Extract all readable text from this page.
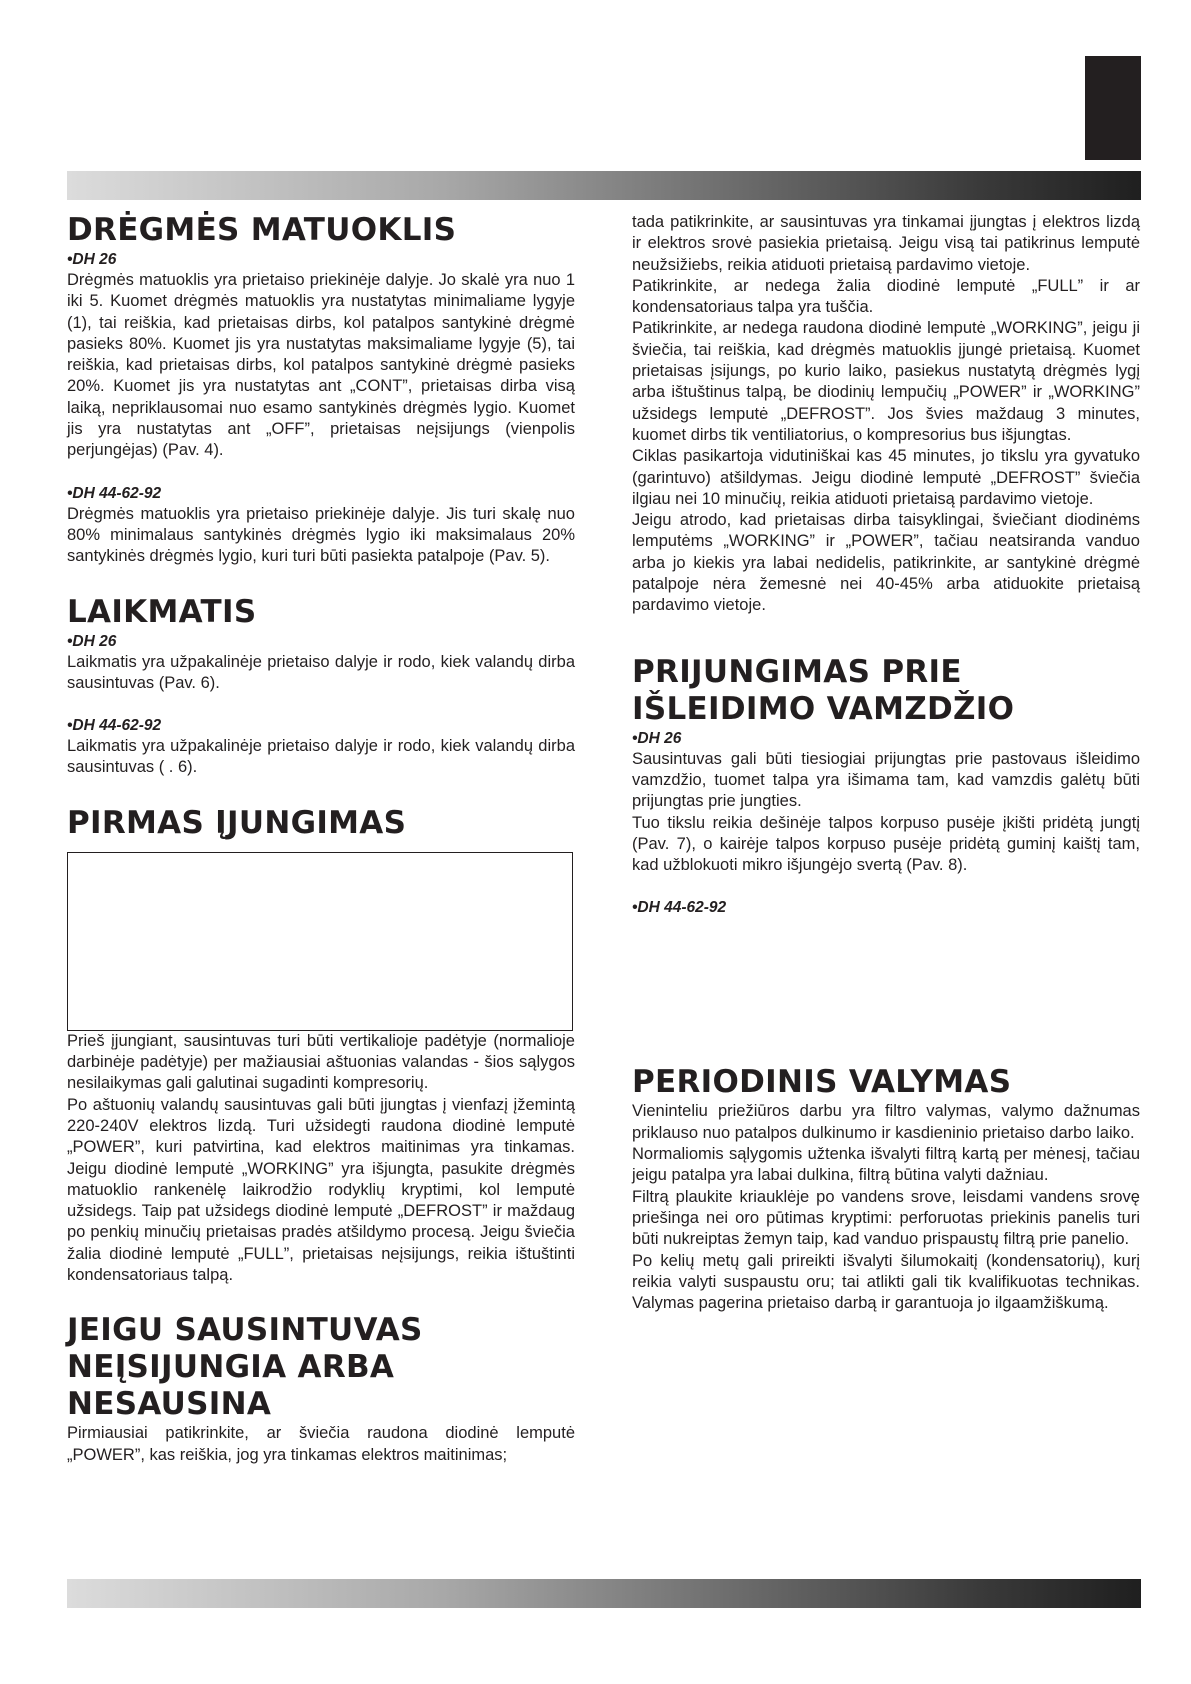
DRĖGMĖS MATUOKLIS
•DH 26

Drėgmės matuoklis yra prietaiso priekinėje dalyje. Jo skalė yra nuo 1 iki 5. Kuomet drėgmės matuoklis yra nustatytas minimaliame lygyje (1), tai reiškia, kad prietaisas dirbs, kol patalpos santykinė drėgmė pasieks 80%. Kuomet jis yra nustatytas maksimaliame lygyje (5), tai reiškia, kad prietaisas dirbs, kol patalpos santykinė drėgmė pasieks 20%. Kuomet jis yra nustatytas ant „CONT”, prietaisas dirba visą laiką, nepriklausomai nuo esamo santykinės drėgmės lygio. Kuomet jis yra nustatytas ant „OFF”, prietaisas neįsijungs (vienpolis perjungėjas) (Pav. 4).

•DH 44-62-92

Drėgmės matuoklis yra prietaiso priekinėje dalyje. Jis turi skalę nuo 80% minimalaus santykinės drėgmės lygio iki maksimalaus 20% santykinės drėgmės lygio, kuri turi būti pasiekta patalpoje (Pav. 5).

LAIKMATIS
•DH 26

Laikmatis yra užpakalinėje prietaiso dalyje ir rodo, kiek valandų dirba sausintuvas (Pav. 6).

•DH 44-62-92

Laikmatis yra užpakalinėje prietaiso dalyje ir rodo, kiek valandų dirba sausintuvas ( . 6).

PIRMAS ĮJUNGIMAS

Prieš įjungiant, sausintuvas turi būti vertikalioje padėtyje (normalioje darbinėje padėtyje) per mažiausiai aštuonias valandas - šios sąlygos nesilaikymas gali galutinai sugadinti kompresorių.

Po aštuonių valandų sausintuvas gali būti įjungtas į vienfazį įžemintą 220-240V elektros lizdą. Turi užsidegti raudona diodinė lemputė „POWER”, kuri patvirtina, kad elektros maitinimas yra tinkamas. Jeigu diodinė lemputė „WORKING” yra išjungta, pasukite drėgmės matuoklio rankenėlę laikrodžio rodyklių kryptimi, kol lemputė užsidegs. Taip pat užsidegs diodinė lemputė „DEFROST” ir maždaug po penkių minučių prietaisas pradės atšildymo procesą. Jeigu šviečia žalia diodinė lemputė „FULL”, prietaisas neįsijungs, reikia ištuštinti kondensatoriaus talpą.

JEIGU SAUSINTUVAS
NEĮSIJUNGIA ARBA
NESAUSINA

Pirmiausiai patikrinkite, ar šviečia raudona diodinė lemputė „POWER”, kas reiškia, jog yra tinkamas elektros maitinimas;

tada patikrinkite, ar sausintuvas yra tinkamai įjungtas į elektros lizdą ir elektros srovė pasiekia prietaisą. Jeigu visą tai patikrinus lemputė neužsižiebs, reikia atiduoti prietaisą pardavimo vietoje.

Patikrinkite, ar nedega žalia diodinė lemputė „FULL” ir ar kondensatoriaus talpa yra tuščia.

Patikrinkite, ar nedega raudona diodinė lemputė „WORKING”, jeigu ji šviečia, tai reiškia, kad drėgmės matuoklis įjungė prietaisą. Kuomet prietaisas įsijungs, po kurio laiko, pasiekus nustatytą drėgmės lygį arba ištuštinus talpą, be diodinių lempučių „POWER” ir „WORKING” užsidegs lemputė „DEFROST”. Jos švies maždaug 3 minutes, kuomet dirbs tik ventiliatorius, o kompresorius bus išjungtas.

Ciklas pasikartoja vidutiniškai kas 45 minutes, jo tikslu yra gyvatuko (garintuvo) atšildymas. Jeigu diodinė lemputė „DEFROST” šviečia ilgiau nei 10 minučių, reikia atiduoti prietaisą pardavimo vietoje.

Jeigu atrodo, kad prietaisas dirba taisyklingai, šviečiant diodinėms lemputėms „WORKING” ir „POWER”, tačiau neatsiranda vanduo arba jo kiekis yra labai nedidelis, patikrinkite, ar santykinė drėgmė patalpoje nėra žemesnė nei 40-45% arba atiduokite prietaisą pardavimo vietoje.

PRIJUNGIMAS PRIE
IŠLEIDIMO VAMZDŽIO
•DH 26

Sausintuvas gali būti tiesiogiai prijungtas prie pastovaus išleidimo vamzdžio, tuomet talpa yra išimama tam, kad vamzdis galėtų būti prijungtas prie jungties.

Tuo tikslu reikia dešinėje talpos korpuso pusėje įkišti pridėtą jungtį (Pav. 7), o kairėje talpos korpuso pusėje pridėtą guminį kaištį tam, kad užblokuoti mikro išjungėjo svertą (Pav. 8).

•DH 44-62-92
PERIODINIS VALYMAS

Vieninteliu priežiūros darbu yra filtro valymas, valymo dažnumas priklauso nuo patalpos dulkinumo ir kasdieninio prietaiso darbo laiko.

Normaliomis sąlygomis užtenka išvalyti filtrą kartą per mėnesį, tačiau jeigu patalpa yra labai dulkina, filtrą būtina valyti dažniau.

Filtrą plaukite kriauklėje po vandens srove, leisdami vandens srovę priešinga nei oro pūtimas kryptimi: perforuotas priekinis panelis turi būti nukreiptas žemyn taip, kad vanduo prispaustų filtrą prie panelio.

Po kelių metų gali prireikti išvalyti šilumokaitį (kondensatorių), kurį reikia valyti suspaustu oru; tai atlikti gali tik kvalifikuotas technikas. Valymas pagerina prietaiso darbą ir garantuoja jo ilgaamžiškumą.
